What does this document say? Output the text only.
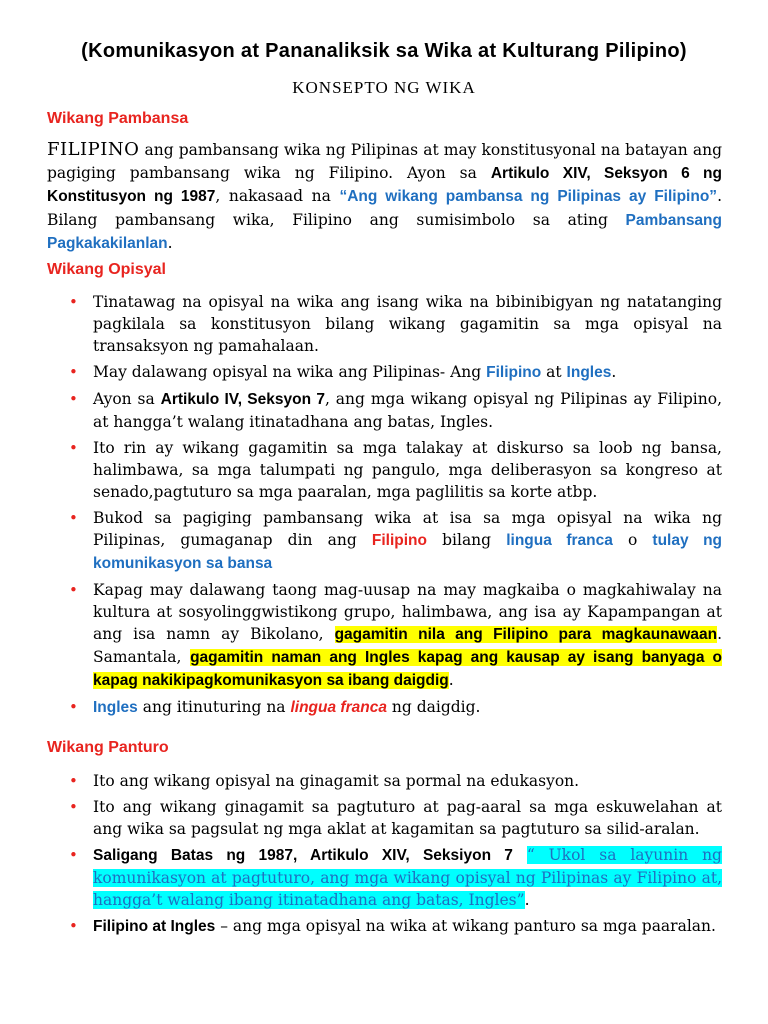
(Komunikasyon at Pananaliksik sa Wika at Kulturang Pilipino)
KONSEPTO NG WIKA
Wikang Pambansa
FILIPINO ang pambansang wika ng Pilipinas at may konstitusyonal na batayan ang pagiging pambansang wika ng Filipino. Ayon sa Artikulo XIV, Seksyon 6 ng Konstitusyon ng 1987, nakasaad na “Ang wikang pambansa ng Pilipinas ay Filipino”. Bilang pambansang wika, Filipino ang sumisimbolo sa ating Pambansang Pagkakakilanlan.
Wikang Opisyal
• Tinatawag na opisyal na wika ang isang wika na bibinibigyan ng natatanging pagkilala sa konstitusyon bilang wikang gagamitin sa mga opisyal na transaksyon ng pamahalaan.
• May dalawang opisyal na wika ang Pilipinas- Ang Filipino at Ingles.
• Ayon sa Artikulo IV, Seksyon 7, ang mga wikang opisyal ng Pilipinas ay Filipino, at hangga’t walang itinatadhana ang batas, Ingles.
• Ito rin ay wikang gagamitin sa mga talakay at diskurso sa loob ng bansa, halimbawa, sa mga talumpati ng pangulo, mga deliberasyon sa kongreso at senado,pagtuturo sa mga paaralan, mga paglilitis sa korte atbp.
• Bukod sa pagiging pambansang wika at isa sa mga opisyal na wika ng Pilipinas, gumaganap din ang Filipino bilang lingua franca o tulay ng komunikasyon sa bansa
• Kapag may dalawang taong mag-uusap na may magkaiba o magkahiwalay na kultura at sosyolinggwistikong grupo, halimbawa, ang isa ay Kapampangan at ang isa namn ay Bikolano, gagamitin nila ang Filipino para magkaunawaan. Samantala, gagamitin naman ang Ingles kapag ang kausap ay isang banyaga o kapag nakikipagkomunikasyon sa ibang daigdig.
• Ingles ang itinuturing na lingua franca ng daigdig.
Wikang Panturo
• Ito ang wikang opisyal na ginagamit sa pormal na edukasyon.
• Ito ang wikang ginagamit sa pagtuturo at pag-aaral sa mga eskuwelahan at ang wika sa pagsulat ng mga aklat at kagamitan sa pagtuturo sa silid-aralan.
• Saligang Batas ng 1987, Artikulo XIV, Seksiyon 7 “ Ukol sa layunin ng komunikasyon at pagtuturo, ang mga wikang opisyal ng Pilipinas ay Filipino at, hangga’t walang ibang itinatadhana ang batas, Ingles”.
• Filipino at Ingles – ang mga opisyal na wika at wikang panturo sa mga paaralan.
